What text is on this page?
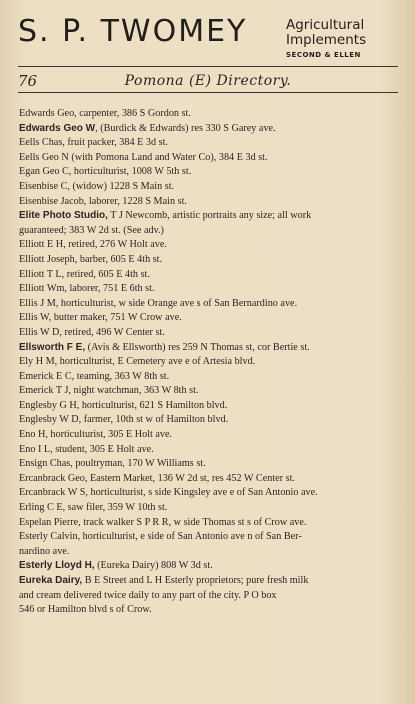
S. P. TWOMEY	Agricultural
Implements
SECOND & ELLEN
76	Pomona (E) Directory.
Edwards Geo, carpenter, 386 S Gordon st.
Edwards Geo W, (Burdick & Edwards) res 330 S Garey ave.
Eells Chas, fruit packer, 384 E 3d st.
Eells Geo N (with Pomona Land and Water Co), 384 E 3d st.
Egan Geo C, horticulturist, 1008 W 5th st.
Eisenbise C, (widow) 1228 S Main st.
Eisenbise Jacob, laborer, 1228 S Main st.
Elite Photo Studio, T J Newcomb, artistic portraits any size; all work
guaranteed; 383 W 2d st. (See adv.)
Elliott E H, retired, 276 W Holt ave.
Elliott Joseph, barber, 605 E 4th st.
Elliott T L, retired, 605 E 4th st.
Elliott Wm, laborer, 751 E 6th st.
Ellis J M, horticulturist, w side Orange ave s of San Bernardino ave.
Ellis W, butter maker, 751 W Crow ave.
Ellis W D, retired, 496 W Center st.
Ellsworth F E, (Avis & Ellsworth) res 259 N Thomas st, cor Bertie st.
Ely H M, horticulturist, E Cemetery ave e of Artesia blvd.
Emerick E C, teaming, 363 W 8th st.
Emerick T J, night watchman, 363 W 8th st.
Englesby G H, horticulturist, 621 S Hamilton blvd.
Englesby W D, farmer, 10th st w of Hamilton blvd.
Eno H, horticulturist, 305 E Holt ave.
Eno I L, student, 305 E Holt ave.
Ensign Chas, poultryman, 170 W Williams st.
Ercanbrack Geo, Eastern Market, 136 W 2d st, res 452 W Center st.
Ercanbrack W S, horticulturist, s side Kingsley ave e of San Antonio ave.
Erling C E, saw filer, 359 W 10th st.
Espelan Pierre, track walker S P R R, w side Thomas st s of Crow ave.
Esterly Calvin, horticulturist, e side of San Antonio ave n of San Ber-
nardino ave.
Esterly Lloyd H, (Eureka Dairy) 808 W 3d st.
Eureka Dairy, B E Street and L H Esterly proprietors; pure fresh milk
and cream delivered twice daily to any part of the city. P O box
546 or Hamilton blvd s of Crow.
